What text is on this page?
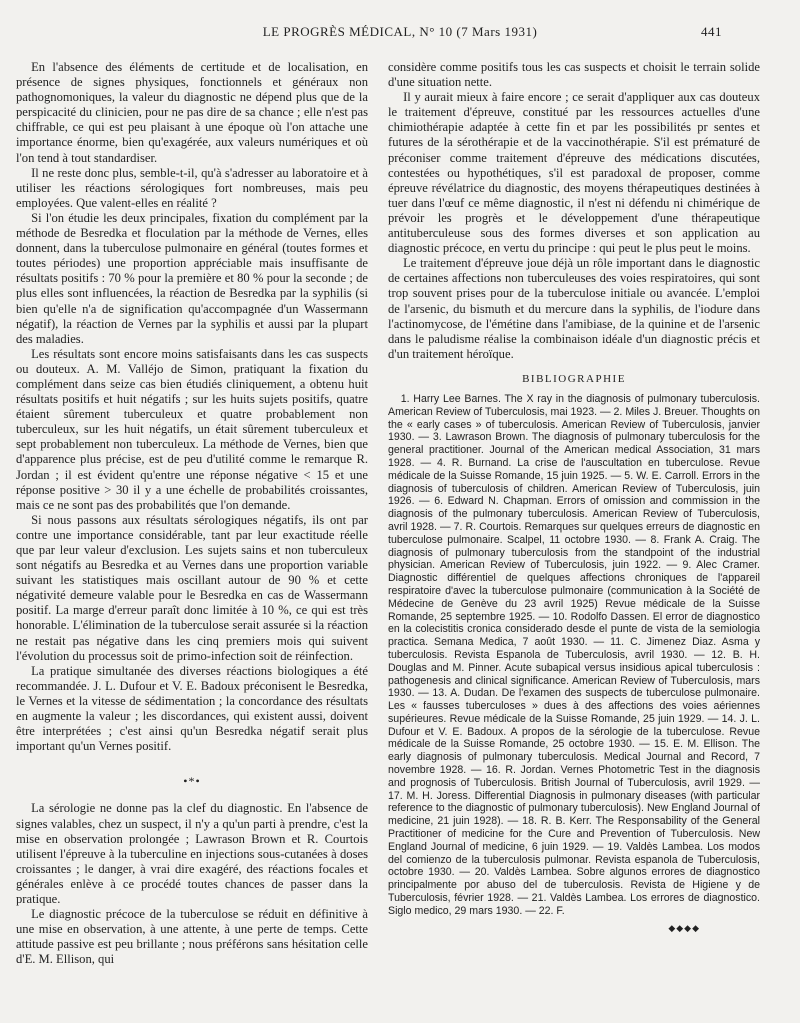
LE PROGRÈS MÉDICAL, N° 10 (7 Mars 1931)	441

En l'absence des éléments de certitude et de localisation, en présence de signes physiques, fonctionnels et généraux non pathognomoniques, la valeur du diagnostic ne dépend plus que de la perspicacité du clinicien, pour ne pas dire de sa chance ; elle n'est pas chiffrable, ce qui est peu plaisant à une époque où l'on attache une importance énorme, bien qu'exagérée, aux valeurs numériques et où l'on tend à tout standardiser.

Il ne reste donc plus, semble-t-il, qu'à s'adresser au laboratoire et à utiliser les réactions sérologiques fort nombreuses, mais peu employées. Que valent-elles en réalité ?

Si l'on étudie les deux principales, fixation du complément par la méthode de Besredka et floculation par la méthode de Vernes, elles donnent, dans la tuberculose pulmonaire en général (toutes formes et toutes périodes) une proportion appréciable mais insuffisante de résultats positifs : 70 % pour la première et 80 % pour la seconde ; de plus elles sont influencées, la réaction de Besredka par la syphilis (si bien qu'elle n'a de signification qu'accompagnée d'un Wassermann négatif), la réaction de Vernes par la syphilis et aussi par la plupart des maladies.

Les résultats sont encore moins satisfaisants dans les cas suspects ou douteux. A. M. Valléjo de Simon, pratiquant la fixation du complément dans seize cas bien étudiés cliniquement, a obtenu huit résultats positifs et huit négatifs ; sur les huits sujets positifs, quatre étaient sûrement tuberculeux et quatre probablement non tuberculeux, sur les huit négatifs, un était sûrement tuberculeux et sept probablement non tuberculeux. La méthode de Vernes, bien que d'apparence plus précise, est de peu d'utilité comme le remarque R. Jordan ; il est évident qu'entre une réponse négative < 15 et une réponse positive > 30 il y a une échelle de probabilités croissantes, mais ce ne sont pas des probabilités que l'on demande.

Si nous passons aux résultats sérologiques négatifs, ils ont par contre une importance considérable, tant par leur exactitude réelle que par leur valeur d'exclusion. Les sujets sains et non tuberculeux sont négatifs au Besredka et au Vernes dans une proportion variable suivant les statistiques mais oscillant autour de 90 % et cette négativité demeure valable pour le Besredka en cas de Wassermann positif. La marge d'erreur paraît donc limitée à 10 %, ce qui est très honorable. L'élimination de la tuberculose serait assurée si la réaction ne restait pas négative dans les cinq premiers mois qui suivent l'évolution du processus soit de primo-infection soit de réinfection.

La pratique simultanée des diverses réactions biologiques a été recommandée. J. L. Dufour et V. E. Badoux préconisent le Besredka, le Vernes et la vitesse de sédimentation ; la concordance des résultats en augmente la valeur ; les discordances, qui existent aussi, doivent être interprétées ; c'est ainsi qu'un Besredka négatif serait plus important qu'un Vernes positif.

•*•

La sérologie ne donne pas la clef du diagnostic. En l'absence de signes valables, chez un suspect, il n'y a qu'un parti à prendre, c'est la mise en observation prolongée ; Lawrason Brown et R. Courtois utilisent l'épreuve à la tuberculine en injections sous-cutanées à doses croissantes ; le danger, à vrai dire exagéré, des réactions focales et générales enlève à ce procédé toutes chances de passer dans la pratique.

Le diagnostic précoce de la tuberculose se réduit en définitive à une mise en observation, à une attente, à une perte de temps. Cette attitude passive est peu brillante ; nous préférons sans hésitation celle d'E. M. Ellison, qui

considère comme positifs tous les cas suspects et choisit le terrain solide d'une situation nette.

Il y aurait mieux à faire encore ; ce serait d'appliquer aux cas douteux le traitement d'épreuve, constitué par les ressources actuelles d'une chimiothérapie adaptée à cette fin et par les possibilités pr sentes et futures de la sérothérapie et de la vaccinothérapie. S'il est prématuré de préconiser comme traitement d'épreuve des médications discutées, contestées ou hypothétiques, s'il est paradoxal de proposer, comme épreuve révélatrice du diagnostic, des moyens thérapeutiques destinées à tuer dans l'œuf ce même diagnostic, il n'est ni défendu ni chimérique de prévoir les progrès et le développement d'une thérapeutique antituberculeuse sous des formes diverses et son application au diagnostic précoce, en vertu du principe : qui peut le plus peut le moins.

Le traitement d'épreuve joue déjà un rôle important dans le diagnostic de certaines affections non tuberculeuses des voies respiratoires, qui sont trop souvent prises pour de la tuberculose initiale ou avancée. L'emploi de l'arsenic, du bismuth et du mercure dans la syphilis, de l'iodure dans l'actinomycose, de l'émétine dans l'amibiase, de la quinine et de l'arsenic dans le paludisme réalise la combinaison idéale d'un diagnostic précis et d'un traitement héroïque.

BIBLIOGRAPHIE
1. Harry Lee Barnes. The X ray in the diagnosis of pulmonary tuberculosis. American Review of Tuberculosis, mai 1923. — 2. Miles J. Breuer. Thoughts on the « early cases » of tuberculosis. American Review of Tuberculosis, janvier 1930. — 3. Lawrason Brown. The diagnosis of pulmonary tuberculosis for the general practitioner. Journal of the American medical Association, 31 mars 1928. — 4. R. Burnand. La crise de l'auscultation en tuberculose. Revue médicale de la Suisse Romande, 15 juin 1925. — 5. W. E. Carroll. Errors in the diagnosis of tuberculosis of children. American Review of Tuberculosis, juin 1926. — 6. Edward N. Chapman. Errors of omission and commission in the diagnosis of the pulmonary tuberculosis. American Review of Tuberculosis, avril 1928. — 7. R. Courtois. Remarques sur quelques erreurs de diagnostic en tuberculose pulmonaire. Scalpel, 11 octobre 1930. — 8. Frank A. Craig. The diagnosis of pulmonary tuberculosis from the standpoint of the industrial physician. American Review of Tuberculosis, juin 1922. — 9. Alec Cramer. Diagnostic différentiel de quelques affections chroniques de l'appareil respiratoire d'avec la tuberculose pulmonaire (communication à la Société de Médecine de Genève du 23 avril 1925) Revue médicale de la Suisse Romande, 25 septembre 1925. — 10. Rodolfo Dassen. El error de diagnostico en la colecistitis cronica considerado desde el punte de vista de la semiologia practica. Semana Medica, 7 août 1930. — 11. C. Jimenez Diaz. Asma y tuberculosis. Revista Espanola de Tuberculosis, avril 1930. — 12. B. H. Douglas and M. Pinner. Acute subapical versus insidious apical tuberculosis : pathogenesis and clinical significance. American Review of Tuberculosis, mars 1930. — 13. A. Dudan. De l'examen des suspects de tuberculose pulmonaire. Les « fausses tuberculoses » dues à des affections des voies aériennes supérieures. Revue médicale de la Suisse Romande, 25 juin 1929. — 14. J. L. Dufour et V. E. Badoux. A propos de la sérologie de la tuberculose. Revue médicale de la Suisse Romande, 25 octobre 1930. — 15. E. M. Ellison. The early diagnosis of pulmonary tuberculosis. Medical Journal and Record, 7 novembre 1928. — 16. R. Jordan. Vernes Photometric Test in the diagnosis and prognosis of Tuberculosis. British Journal of Tuberculosis, avril 1929. — 17. M. H. Joress. Differential Diagnosis in pulmonary diseases (with particular reference to the diagnostic of pulmonary tuberculosis). New England Journal of medicine, 21 juin 1928). — 18. R. B. Kerr. The Responsability of the General Practitioner of medicine for the Cure and Prevention of Tuberculosis. New England Journal of medicine, 6 juin 1929. — 19. Valdès Lambea. Los modos del comienzo de la tuberculosis pulmonar. Revista espanola de Tuberculosis, octobre 1930. — 20. Valdès Lambea. Sobre algunos errores de diagnostico principalmente por abuso del de tuberculosis. Revista de Higiene y de Tuberculosis, février 1928. — 21. Valdès Lambea. Los errores de diagnostico. Siglo medico, 29 mars 1930. — 22. F.
◆◆◆◆
